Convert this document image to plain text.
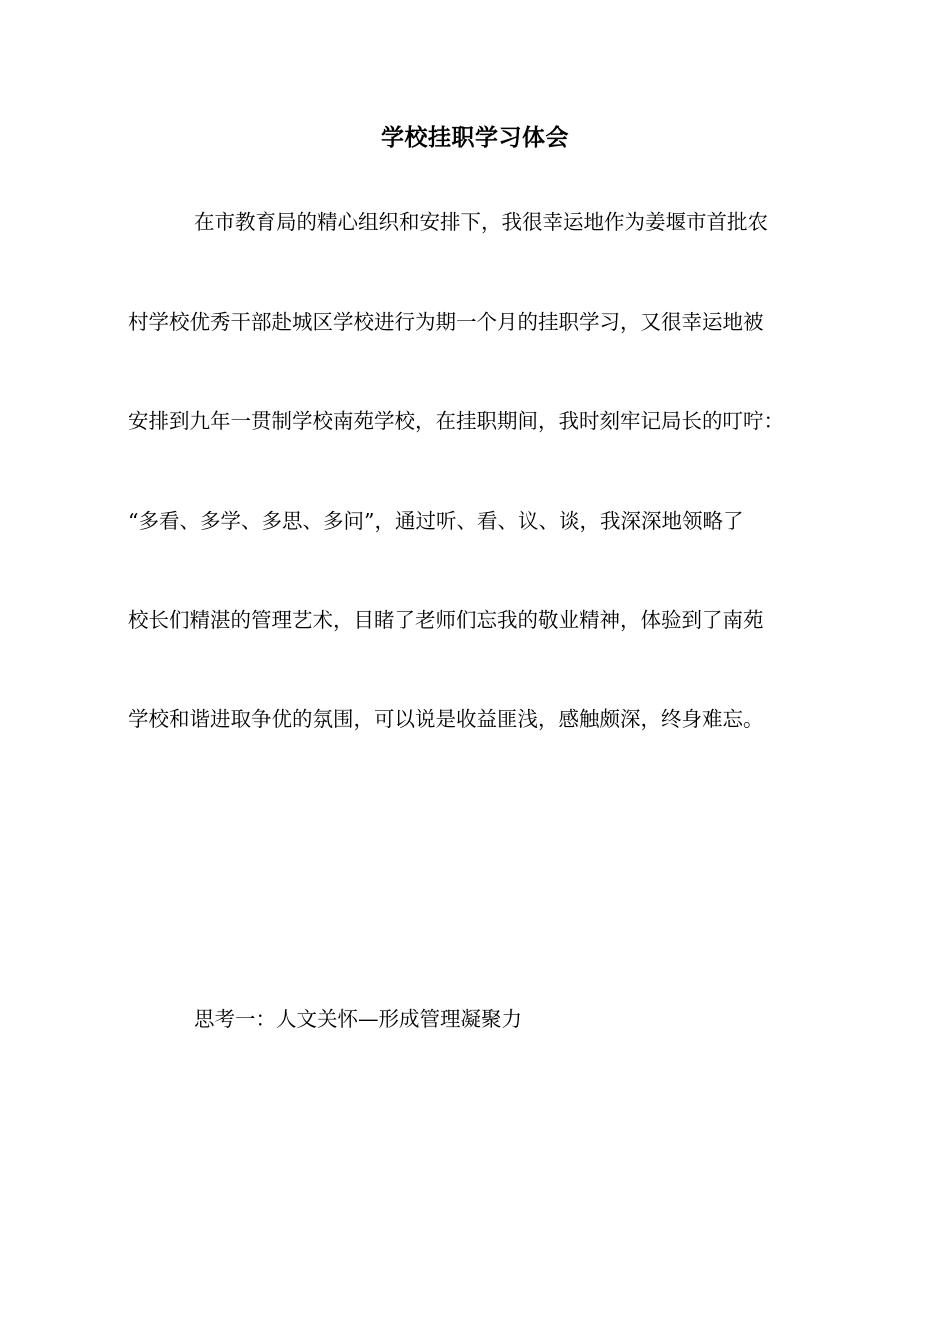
学校挂职学习体会
在市教育局的精心组织和安排下，我很幸运地作为姜堰市首批农
村学校优秀干部赴城区学校进行为期一个月的挂职学习，又很幸运地被
安排到九年一贯制学校南苑学校，在挂职期间，我时刻牢记局长的叮咛：
“多看、多学、多思、多问”，通过听、看、议、谈，我深深地领略了
校长们精湛的管理艺术，目睹了老师们忘我的敬业精神，体验到了南苑
学校和谐进取争优的氛围，可以说是收益匪浅，感触颇深，终身难忘。
思考一：人文关怀—形成管理凝聚力
